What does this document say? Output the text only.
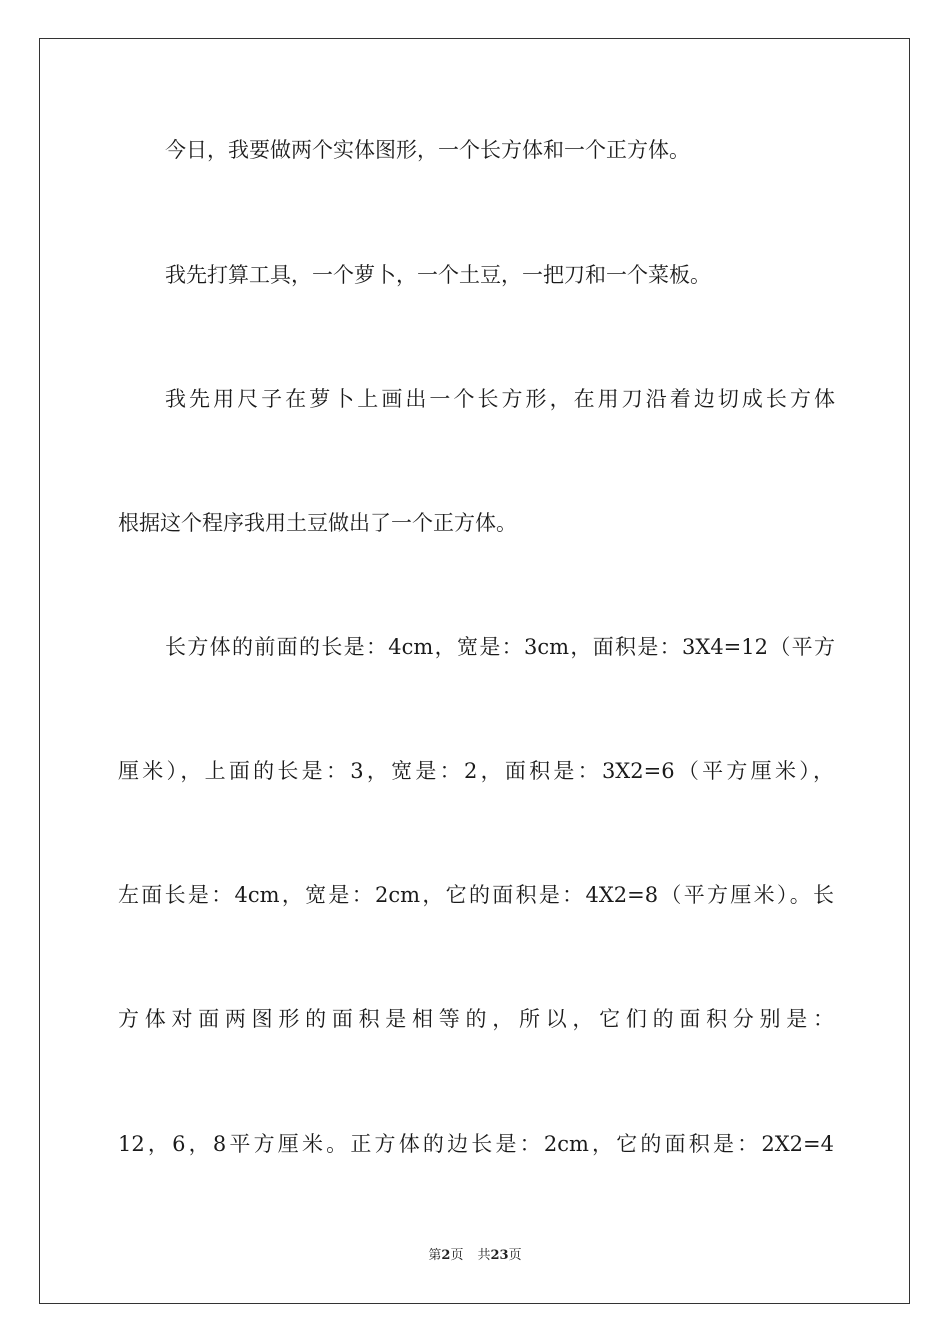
今日，我要做两个实体图形，一个长方体和一个正方体。
我先打算工具，一个萝卜，一个土豆，一把刀和一个菜板。
我先用尺子在萝卜上画出一个长方形，在用刀沿着边切成长方体
根据这个程序我用土豆做出了一个正方体。
长方体的前面的长是：4cm，宽是：3cm，面积是：3X4=12（平方
厘米），上面的长是：3，宽是：2，面积是：3X2=6（平方厘米），
左面长是：4cm，宽是：2cm，它的面积是：4X2=8（平方厘米）。长
方体对面两图形的面积是相等的，所以，它们的面积分别是：
12，6，8平方厘米。正方体的边长是：2cm，它的面积是：2X2=4
第2页 共23页
